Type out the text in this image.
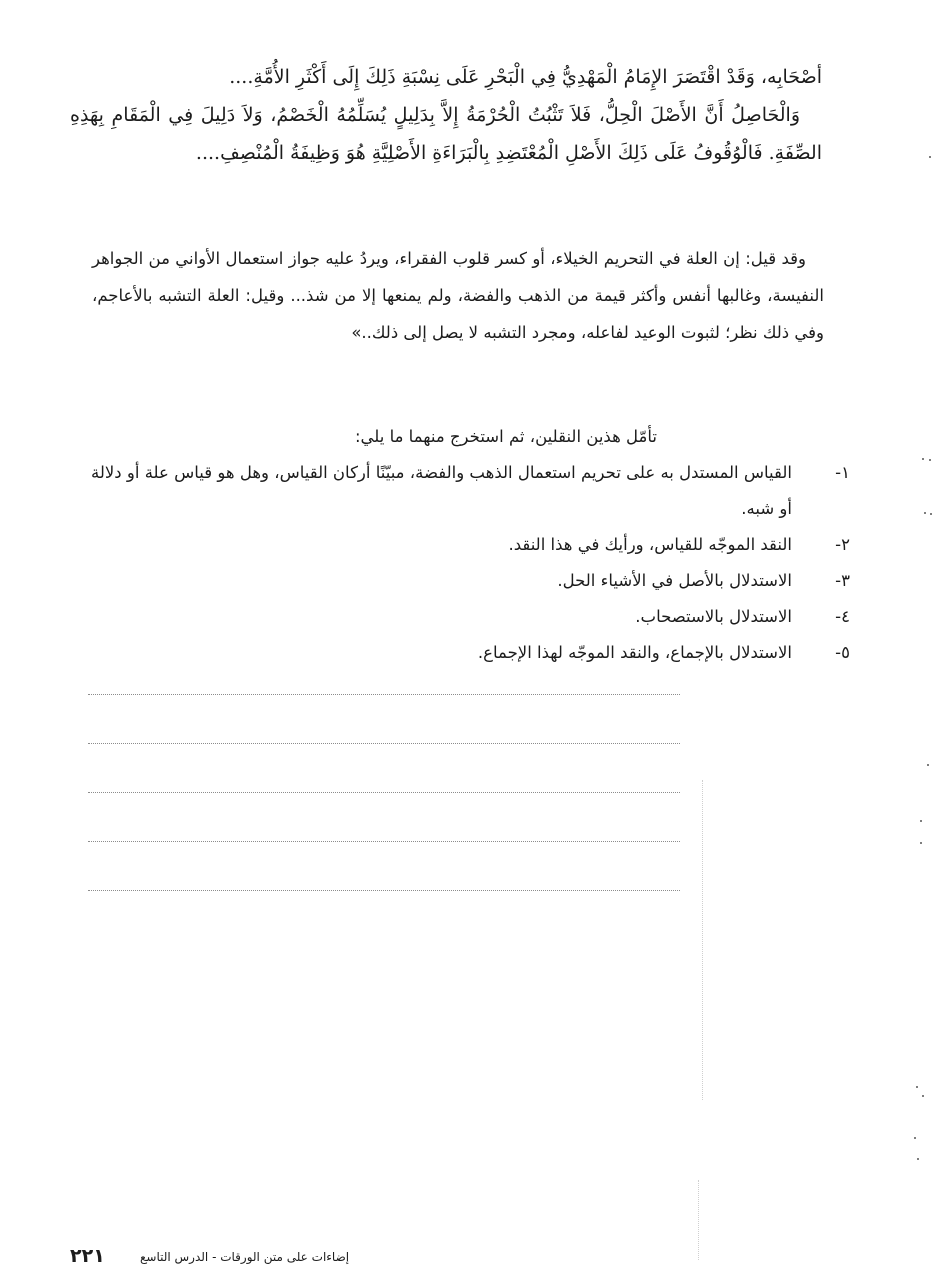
أصْحَابِه، وَقَدْ اقْتَصَرَ الإِمَامُ الْمَهْدِيُّ فِي الْبَحْرِ عَلَى نِسْبَةِ ذَلِكَ إِلَى أَكْثَرِ الأُمَّةِ....

وَالْحَاصِلُ أَنَّ الأَصْلَ الْحِلُّ، فَلاَ تَثْبُتُ الْحُرْمَةُ إِلاَّ بِدَلِيلٍ يُسَلِّمُهُ الْخَصْمُ، وَلاَ دَلِيلَ فِي الْمَقَامِ بِهَذِهِ الصِّفَةِ. فَالْوُقُوفُ عَلَى ذَلِكَ الأَصْلِ الْمُعْتَضِدِ بِالْبَرَاءَةِ الأَصْلِيَّةِ هُوَ وَظِيفَةُ الْمُنْصِفِ....

وقد قيل: إن العلة في التحريم الخيلاء، أو كسر قلوب الفقراء، ويردُ عليه جواز استعمال الأواني من الجواهر النفيسة، وغالبها أنفس وأكثر قيمة من الذهب والفضة، ولم يمنعها إلا من شذ... وقيل: العلة التشبه بالأعاجم، وفي ذلك نظر؛ لثبوت الوعيد لفاعله، ومجرد التشبه لا يصل إلى ذلك..»

تأمّل هذين النقلين، ثم استخرج منهما ما يلي:
١-
القياس المستدل به على تحريم استعمال الذهب والفضة، مبيّنًا أركان القياس، وهل هو قياس علة أو دلالة أو شبه.
٢-
النقد الموجّه للقياس، ورأيك في هذا النقد.
٣-
الاستدلال بالأصل في الأشياء الحل.
٤-
الاستدلال بالاستصحاب.
٥-
الاستدلال بالإجماع، والنقد الموجّه لهذا الإجماع.
٢٢١	إضاءات على متن الورقات - الدرس التاسع
